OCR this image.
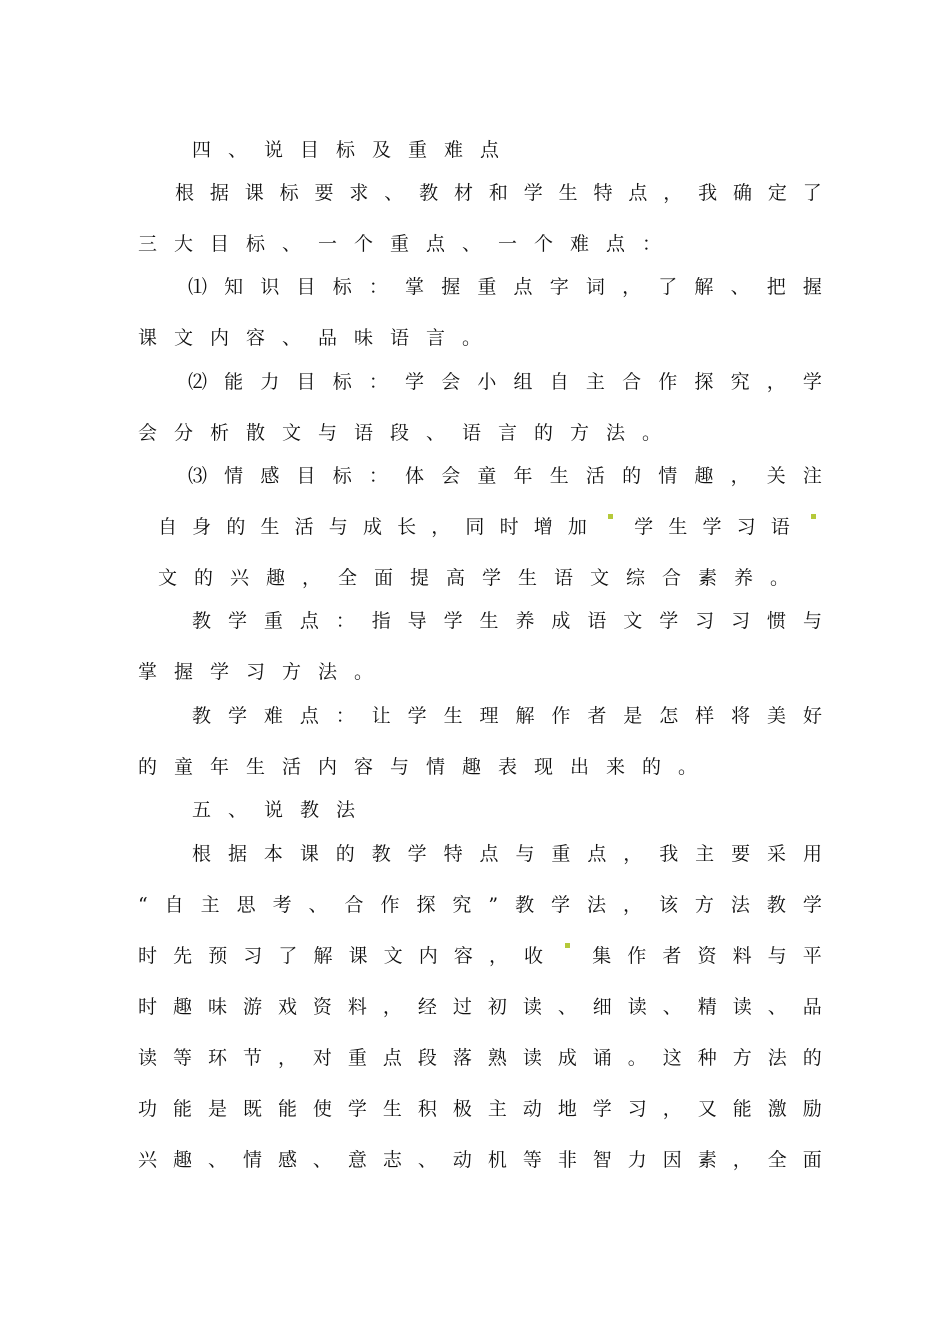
四、说目标及重难点
根 据 课 标 要 求 、 教 材 和 学 生 特 点 ， 我 确 定 了
三大目标、一个重点、一个难点：
⑴ 知 识 目 标 ： 掌 握 重 点 字 词 ， 了 解 、 把 握
课文内容、品味语言。
⑵ 能 力 目 标 ： 学 会 小 组 自 主 合 作 探 究 ， 学
会分析散文与语段、语言的方法。
⑶ 情 感 目 标 ： 体 会 童 年 生 活 的 情 趣 ， 关 注
自 身 的 生 活 与 成 长 ， 同 时 增 加 学 生 学 习 语
文的兴趣，全面提高学生语文综合素养。
教 学 重 点 ： 指 导 学 生 养 成 语 文 学 习 习 惯 与
掌握学习方法。
教 学 难 点 ： 让 学 生 理 解 作 者 是 怎 样 将 美 好
的童年生活内容与情趣表现出来的。
五、说教法
根 据 本 课 的 教 学 特 点 与 重 点 ， 我 主 要 采 用
“ 自 主 思 考 、 合 作 探 究 ” 教 学 法 ， 该 方 法 教 学
时 先 预 习 了 解 课 文 内 容 ， 收	集 作 者 资 料 与 平
时 趣 味 游 戏 资 料 ， 经 过 初 读 、 细 读 、 精 读 、 品
读 等 环 节 ， 对 重 点 段 落 熟 读 成 诵 。 这 种 方 法 的
功 能 是 既 能 使 学 生 积 极 主 动 地 学 习 ， 又 能 激 励
兴 趣 、 情 感 、 意 志 、 动 机 等 非 智 力 因 素 ， 全 面
